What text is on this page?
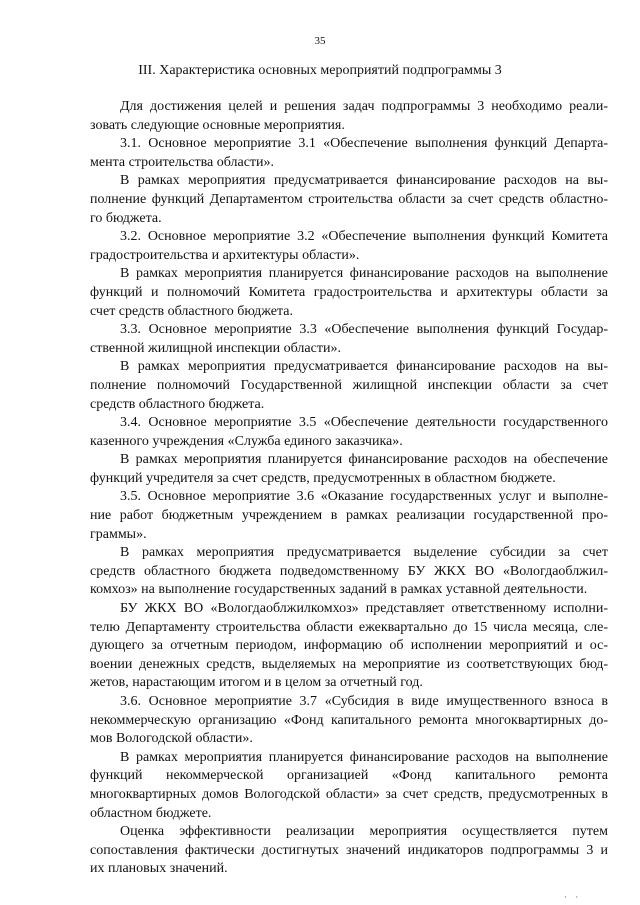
35
III. Характеристика основных мероприятий подпрограммы 3

Для достижения целей и решения задач подпрограммы 3 необходимо реали-
зовать следующие основные мероприятия.

3.1. Основное мероприятие 3.1 «Обеспечение выполнения функций Департа-
мента строительства области».

В рамках мероприятия предусматривается финансирование расходов на вы-
полнение функций Департаментом строительства области за счет средств областно-
го бюджета.

3.2. Основное мероприятие 3.2 «Обеспечение выполнения функций Комитета
градостроительства и архитектуры области».

В рамках мероприятия планируется финансирование расходов на выполнение
функций и полномочий Комитета градостроительства и архитектуры области за
счет средств областного бюджета.

3.3. Основное мероприятие 3.3 «Обеспечение выполнения функций Государ-
ственной жилищной инспекции области».

В рамках мероприятия предусматривается финансирование расходов на вы-
полнение полномочий Государственной жилищной инспекции области за счет
средств областного бюджета.

3.4. Основное мероприятие 3.5 «Обеспечение деятельности государственного
казенного учреждения «Служба единого заказчика».

В рамках мероприятия планируется финансирование расходов на обеспечение
функций учредителя за счет средств, предусмотренных в областном бюджете.

3.5. Основное мероприятие 3.6 «Оказание государственных услуг и выполне-
ние работ бюджетным учреждением в рамках реализации государственной про-
граммы».

В рамках мероприятия предусматривается выделение субсидии за счет
средств областного бюджета подведомственному БУ ЖКХ ВО «Вологдаоблжил-
комхоз» на выполнение государственных заданий в рамках уставной деятельности.

БУ ЖКХ ВО «Вологдаоблжилкомхоз» представляет ответственному исполни-
телю Департаменту строительства области ежеквартально до 15 числа месяца, сле-
дующего за отчетным периодом, информацию об исполнении мероприятий и ос-
воении денежных средств, выделяемых на мероприятие из соответствующих бюд-
жетов, нарастающим итогом и в целом за отчетный год.

3.6. Основное мероприятие 3.7 «Субсидия в виде имущественного взноса в
некоммерческую организацию «Фонд капитального ремонта многоквартирных до-
мов Вологодской области».

В рамках мероприятия планируется финансирование расходов на выполнение
функций некоммерческой организацией «Фонд капитального ремонта
многоквартирных домов Вологодской области» за счет средств, предусмотренных в
областном бюджете.

Оценка эффективности реализации мероприятия осуществляется путем
сопоставления фактически достигнутых значений индикаторов подпрограммы 3 и
их плановых значений.

· ·
